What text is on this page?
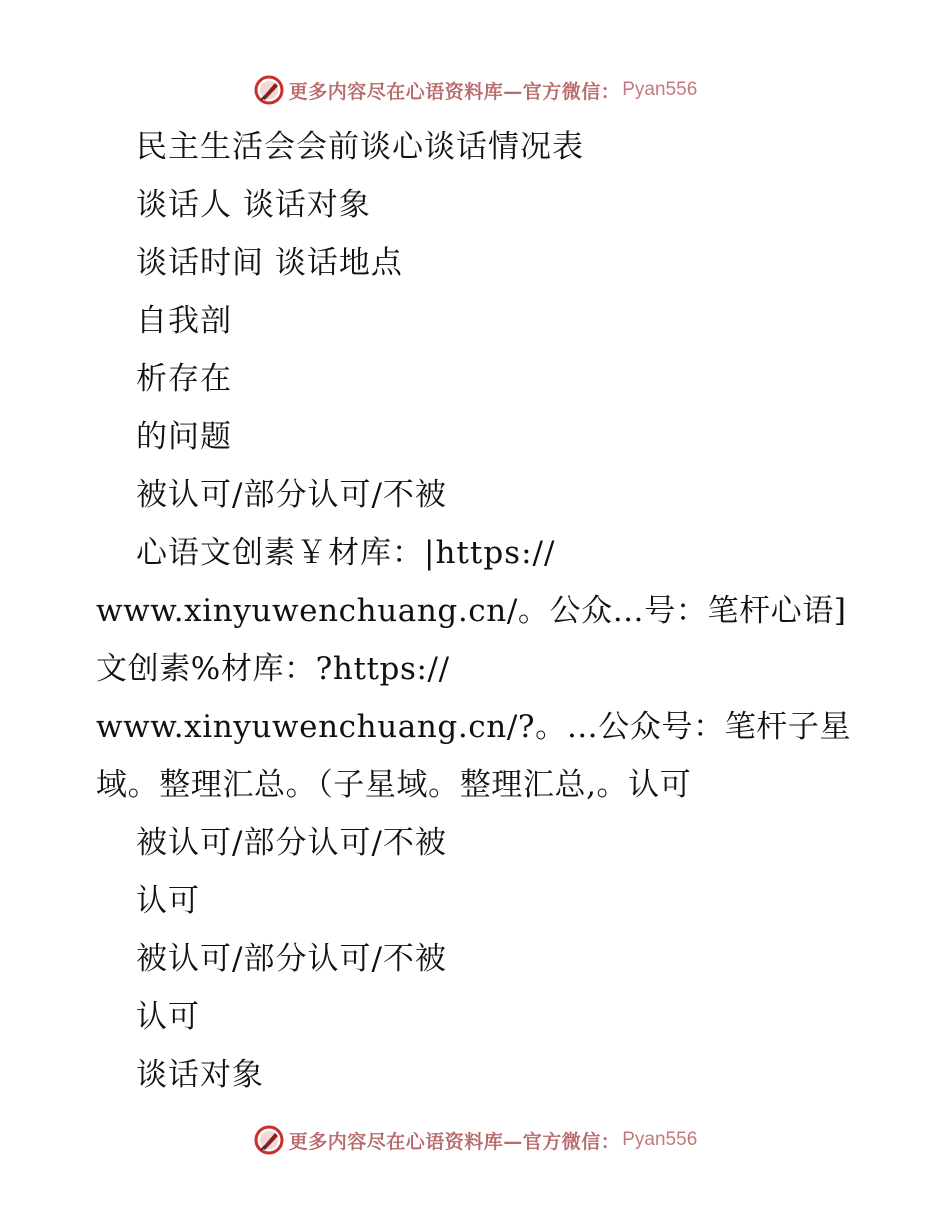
更多内容尽在心语资料库—官方微信： Pyan556
民主生活会会前谈心谈话情况表
谈话人 谈话对象
谈话时间 谈话地点
自我剖
析存在
的问题
被认可/部分认可/不被
心语文创素￥材库：|https://
www.xinyuwenchuang.cn/。公众…号：笔杆心语]
文创素%材库：?https://
www.xinyuwenchuang.cn/?。…公众号：笔杆子星
域。整理汇总。（子星域。整理汇总,。认可
被认可/部分认可/不被
认可
被认可/部分认可/不被
认可
谈话对象
更多内容尽在心语资料库—官方微信： Pyan556
